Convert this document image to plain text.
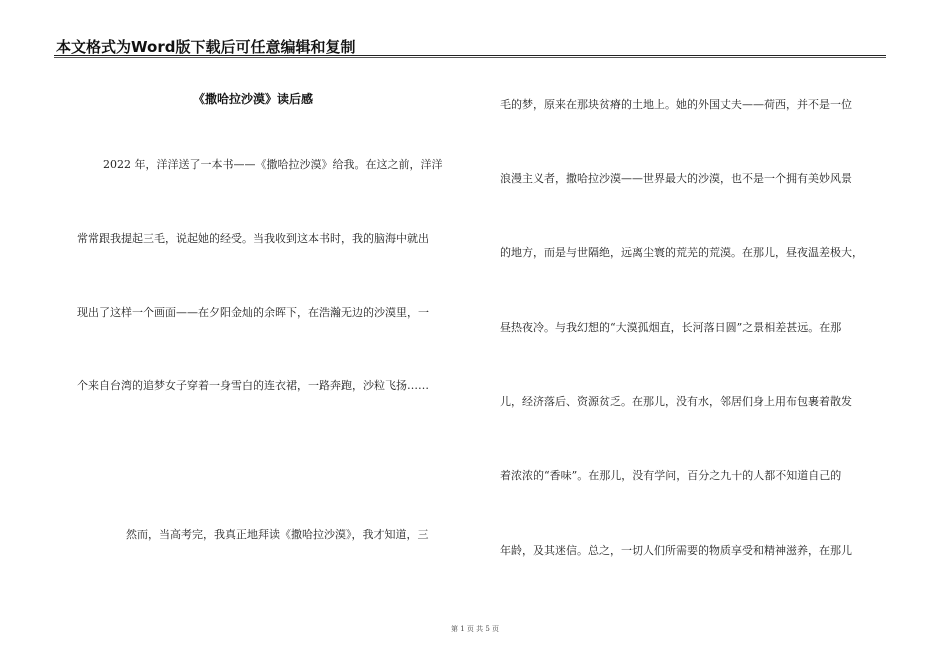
本文格式为Word版下载后可任意编辑和复制
《撒哈拉沙漠》读后感
2022 年，洋洋送了一本书——《撒哈拉沙漠》给我。在这之前，洋洋
常常跟我提起三毛，说起她的经受。当我收到这本书时，我的脑海中就出
现出了这样一个画面——在夕阳金灿的余晖下，在浩瀚无边的沙漠里，一
个来自台湾的追梦女子穿着一身雪白的连衣裙，一路奔跑，沙粒飞扬……
然而，当高考完，我真正地拜读《撒哈拉沙漠》，我才知道，三
毛的梦，原来在那块贫瘠的土地上。她的外国丈夫——荷西，并不是一位
浪漫主义者，撒哈拉沙漠——世界最大的沙漠，也不是一个拥有美妙风景
的地方，而是与世隔绝，远离尘寰的荒芜的荒漠。在那儿，昼夜温差极大，
昼热夜冷。与我幻想的“大漠孤烟直，长河落日圆”之景相差甚远。在那
儿，经济落后、资源贫乏。在那儿，没有水，邻居们身上用布包裹着散发
着浓浓的“香味”。在那儿，没有学问，百分之九十的人都不知道自己的
年龄，及其迷信。总之，一切人们所需要的物质享受和精神滋养，在那儿
第 1 页 共 5 页
